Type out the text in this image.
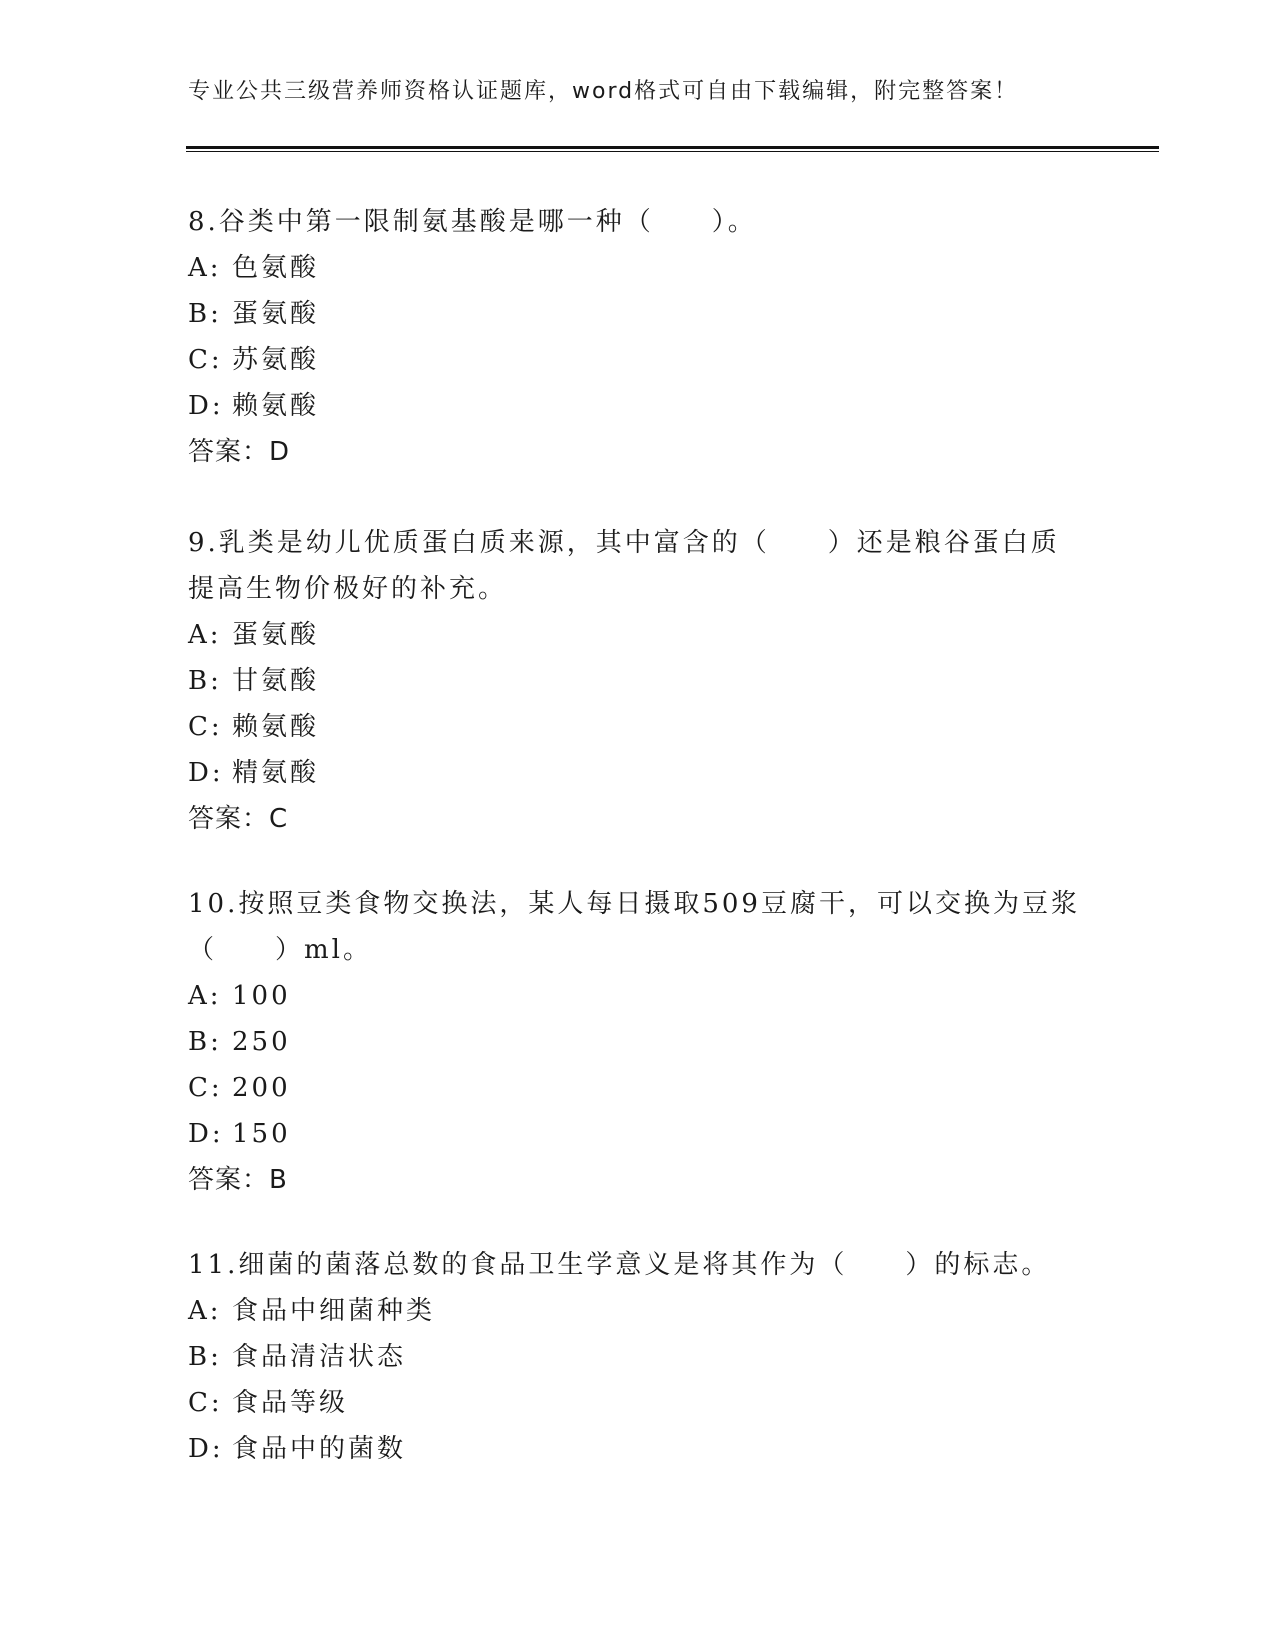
专业公共三级营养师资格认证题库，word格式可自由下载编辑，附完整答案！

8.谷类中第一限制氨基酸是哪一种（　　）。

A: 色氨酸
B: 蛋氨酸
C: 苏氨酸
D: 赖氨酸
答案：D

9.乳类是幼儿优质蛋白质来源，其中富含的（　　）还是粮谷蛋白质提高生物价极好的补充。

A: 蛋氨酸
B: 甘氨酸
C: 赖氨酸
D: 精氨酸
答案：C

10.按照豆类食物交换法，某人每日摄取509豆腐干，可以交换为豆浆（　　）ml。

A: 100
B: 250
C: 200
D: 150
答案：B

11.细菌的菌落总数的食品卫生学意义是将其作为（　　）的标志。

A: 食品中细菌种类
B: 食品清洁状态
C: 食品等级
D: 食品中的菌数
